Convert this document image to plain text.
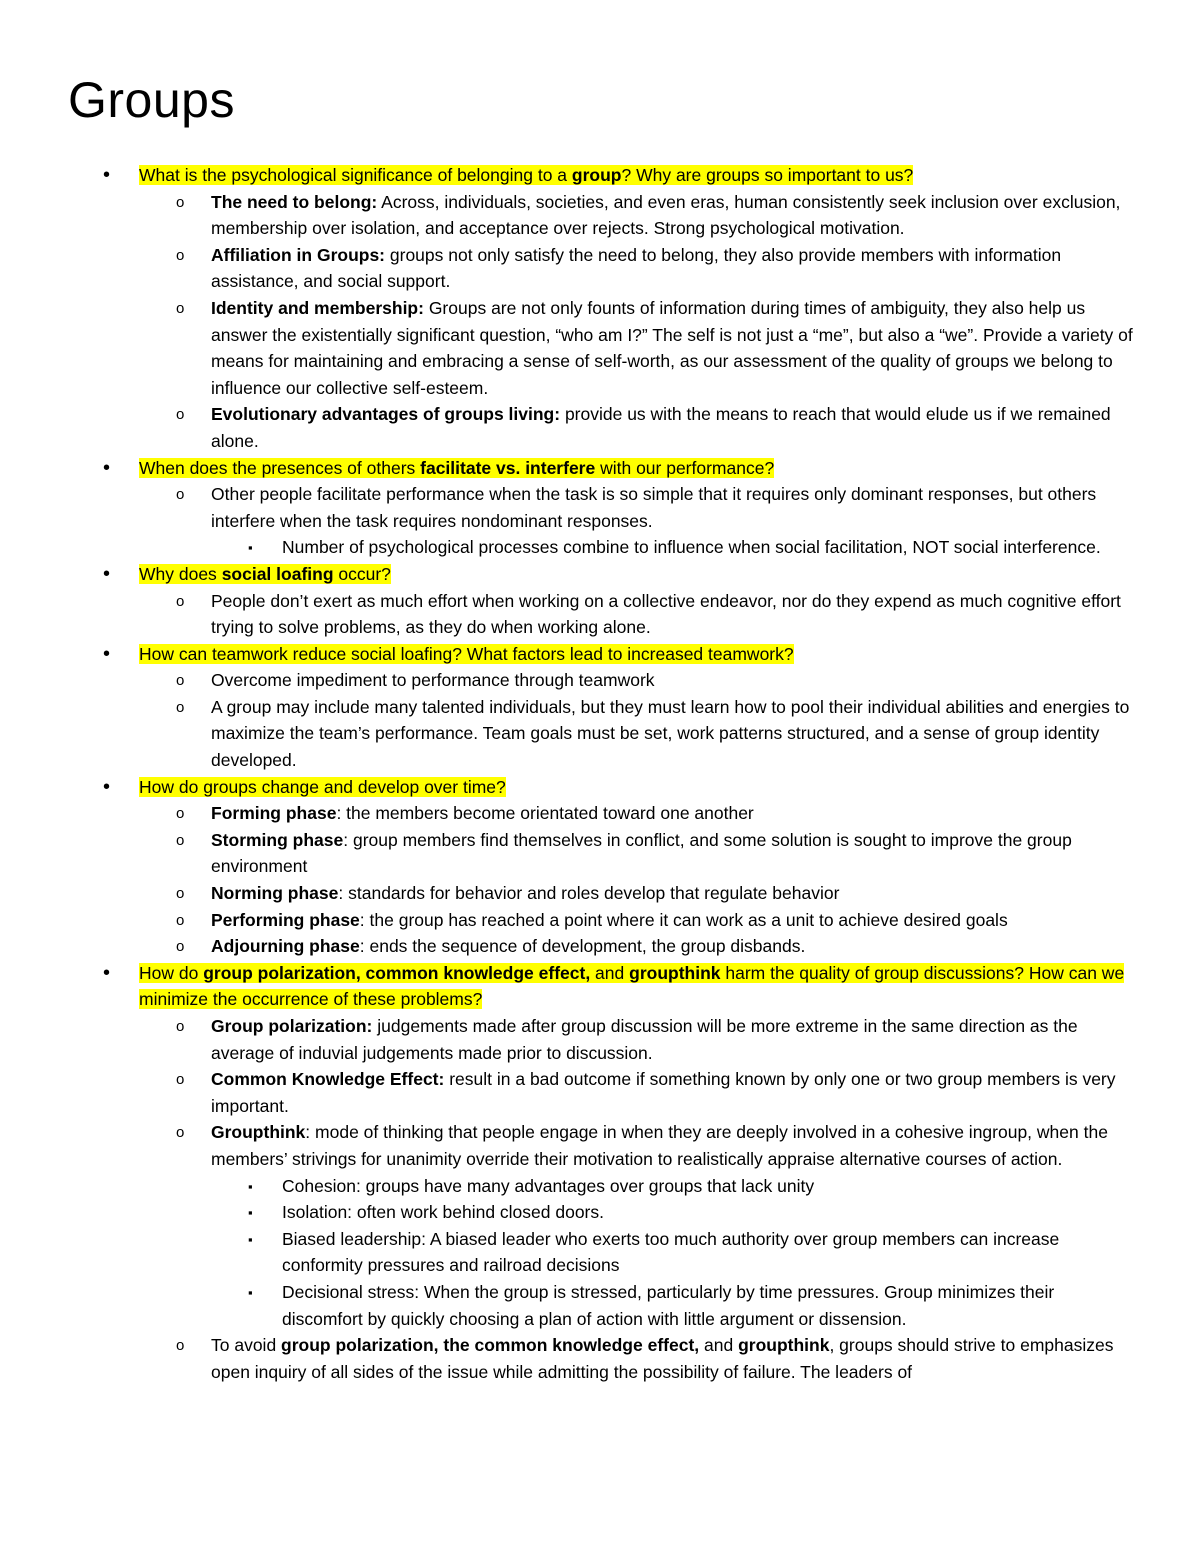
Groups
• What is the psychological significance of belonging to a group? Why are groups so important to us?
o The need to belong: Across, individuals, societies, and even eras, human consistently seek inclusion over exclusion, membership over isolation, and acceptance over rejects. Strong psychological motivation.
o Affiliation in Groups: groups not only satisfy the need to belong, they also provide members with information assistance, and social support.
o Identity and membership: Groups are not only founts of information during times of ambiguity, they also help us answer the existentially significant question, “who am I?” The self is not just a “me”, but also a “we”. Provide a variety of means for maintaining and embracing a sense of self-worth, as our assessment of the quality of groups we belong to influence our collective self-esteem.
o Evolutionary advantages of groups living: provide us with the means to reach that would elude us if we remained alone.
• When does the presences of others facilitate vs. interfere with our performance?
o Other people facilitate performance when the task is so simple that it requires only dominant responses, but others interfere when the task requires nondominant responses.
▪ Number of psychological processes combine to influence when social facilitation, NOT social interference.
• Why does social loafing occur?
o People don’t exert as much effort when working on a collective endeavor, nor do they expend as much cognitive effort trying to solve problems, as they do when working alone.
• How can teamwork reduce social loafing? What factors lead to increased teamwork?
o Overcome impediment to performance through teamwork
o A group may include many talented individuals, but they must learn how to pool their individual abilities and energies to maximize the team’s performance. Team goals must be set, work patterns structured, and a sense of group identity developed.
• How do groups change and develop over time?
o Forming phase: the members become orientated toward one another
o Storming phase: group members find themselves in conflict, and some solution is sought to improve the group environment
o Norming phase: standards for behavior and roles develop that regulate behavior
o Performing phase: the group has reached a point where it can work as a unit to achieve desired goals
o Adjourning phase: ends the sequence of development, the group disbands.
• How do group polarization, common knowledge effect, and groupthink harm the quality of group discussions? How can we minimize the occurrence of these problems?
o Group polarization: judgements made after group discussion will be more extreme in the same direction as the average of induvial judgements made prior to discussion.
o Common Knowledge Effect: result in a bad outcome if something known by only one or two group members is very important.
o Groupthink: mode of thinking that people engage in when they are deeply involved in a cohesive ingroup, when the members’ strivings for unanimity override their motivation to realistically appraise alternative courses of action.
▪ Cohesion: groups have many advantages over groups that lack unity
▪ Isolation: often work behind closed doors.
▪ Biased leadership: A biased leader who exerts too much authority over group members can increase conformity pressures and railroad decisions
▪ Decisional stress: When the group is stressed, particularly by time pressures. Group minimizes their discomfort by quickly choosing a plan of action with little argument or dissension.
o To avoid group polarization, the common knowledge effect, and groupthink, groups should strive to emphasizes open inquiry of all sides of the issue while admitting the possibility of failure. The leaders of
